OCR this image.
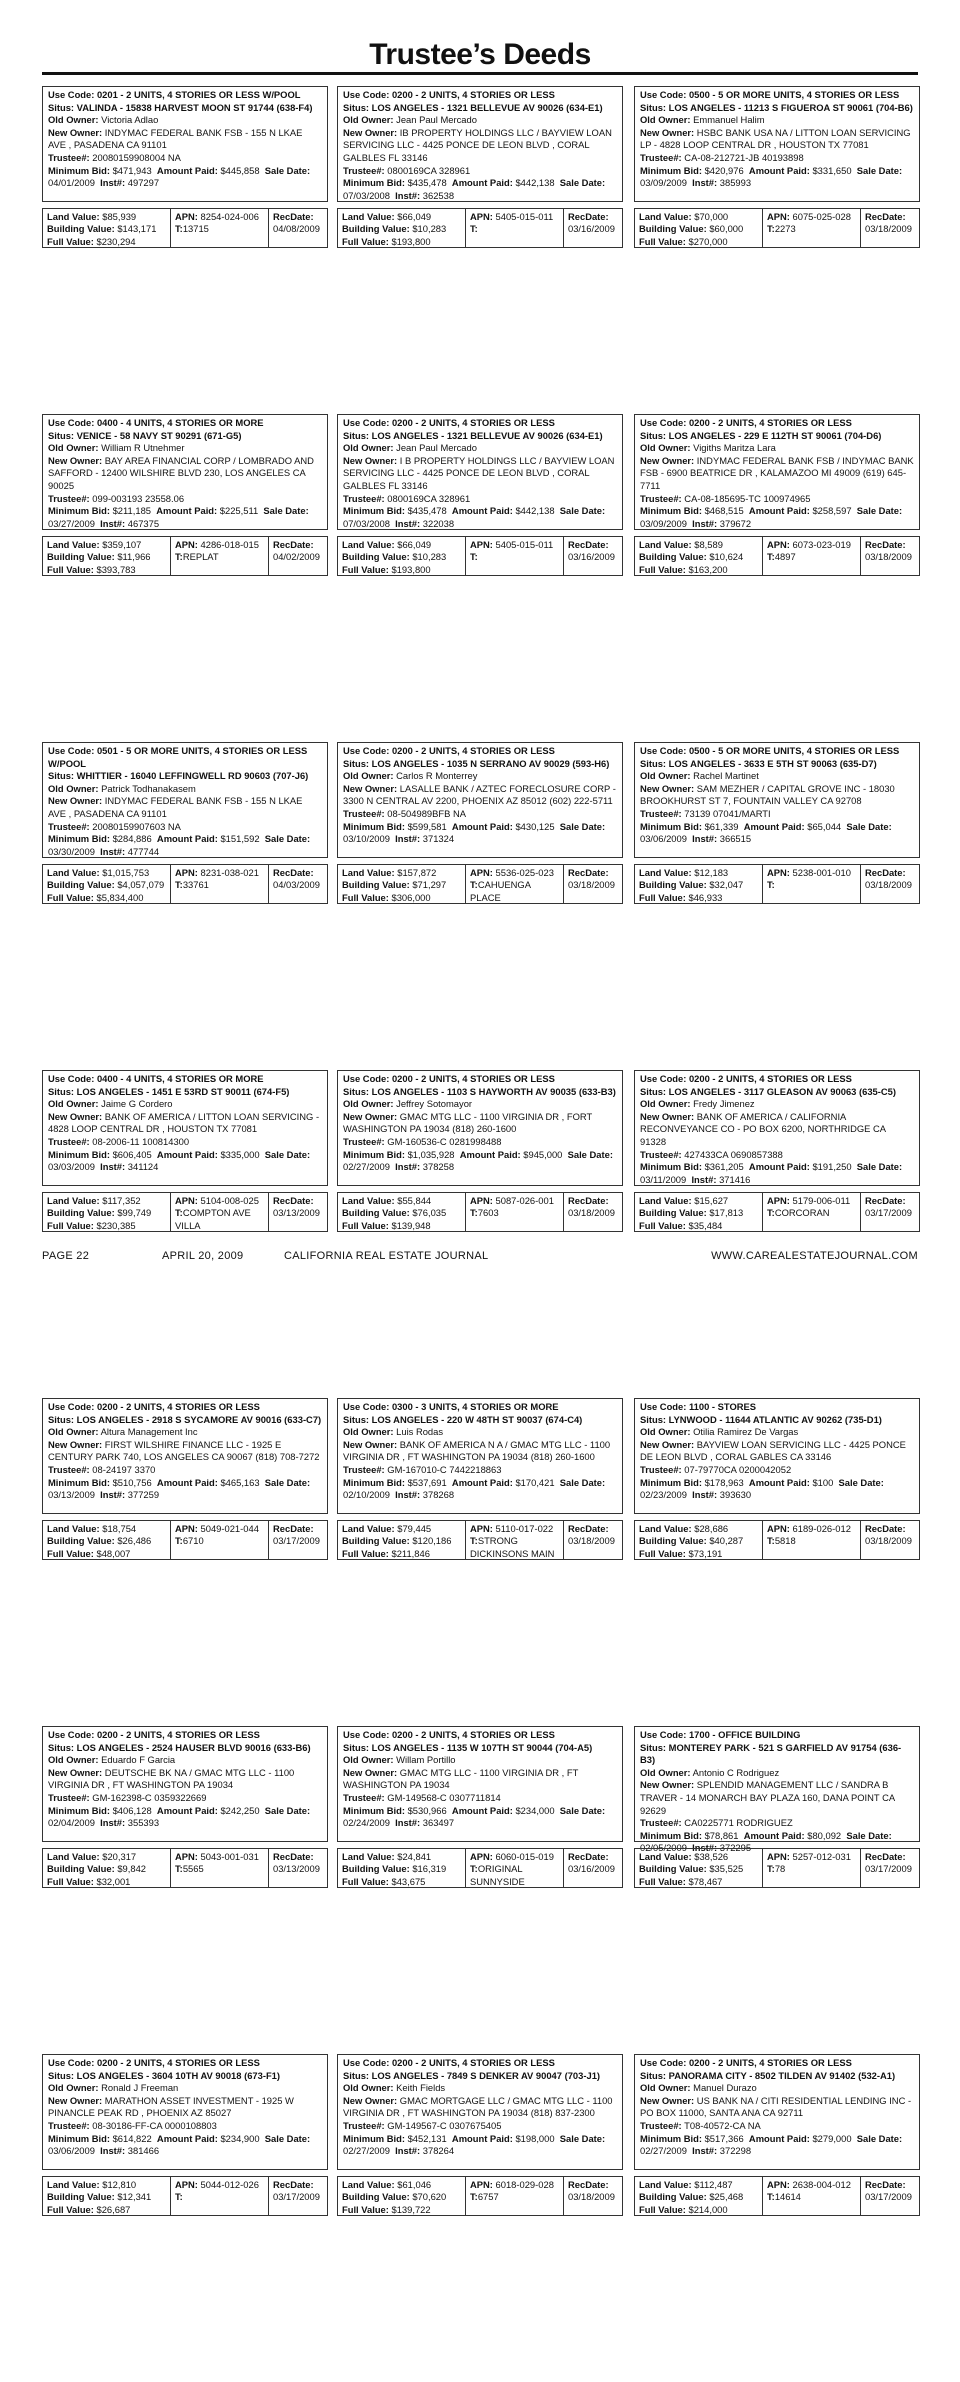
Trustee’s Deeds
Use Code: 0201 - 2 UNITS, 4 STORIES OR LESS W/POOL
Situs: VALINDA - 15838 HARVEST MOON ST 91744 (638-F4)
Old Owner: Victoria Adlao
New Owner: INDYMAC FEDERAL BANK FSB - 155 N LKAE AVE , PASADENA CA 91101
Trustee#: 20080159908004 NA
Minimum Bid: $471,943 Amount Paid: $445,858 Sale Date: 04/01/2009 Inst#: 497297
Land Value: $85,939
Building Value: $143,171
Full Value: $230,294
APN: 8254-024-006
T:13715
RecDate:
04/08/2009
Use Code: 0400 - 4 UNITS, 4 STORIES OR MORE
Situs: VENICE - 58 NAVY ST 90291 (671-G5)
Old Owner: William R Utnehmer
New Owner: BAY AREA FINANCIAL CORP / LOMBRADO AND SAFFORD - 12400 WILSHIRE BLVD 230, LOS ANGELES CA 90025
Trustee#: 099-003193 23558.06
Minimum Bid: $211,185 Amount Paid: $225,511 Sale Date: 03/27/2009 Inst#: 467375
Land Value: $359,107
Building Value: $11,966
Full Value: $393,783
APN: 4286-018-015
T:REPLAT
RecDate:
04/02/2009
Use Code: 0501 - 5 OR MORE UNITS, 4 STORIES OR LESS W/POOL
Situs: WHITTIER - 16040 LEFFINGWELL RD 90603 (707-J6)
Old Owner: Patrick Todhanakasem
New Owner: INDYMAC FEDERAL BANK FSB - 155 N LKAE AVE , PASADENA CA 91101
Trustee#: 20080159907603 NA
Minimum Bid: $284,886 Amount Paid: $151,592 Sale Date: 03/30/2009 Inst#: 477744
Land Value: $1,015,753
Building Value: $4,057,079
Full Value: $5,834,400
APN: 8231-038-021
T:33761
RecDate:
04/03/2009
Use Code: 0400 - 4 UNITS, 4 STORIES OR MORE
Situs: LOS ANGELES - 1451 E 53RD ST 90011 (674-F5)
Old Owner: Jaime G Cordero
New Owner: BANK OF AMERICA / LITTON LOAN SERVICING - 4828 LOOP CENTRAL DR , HOUSTON TX 77081
Trustee#: 08-2006-11 100814300
Minimum Bid: $606,405 Amount Paid: $335,000 Sale Date: 03/03/2009 Inst#: 341124
Land Value: $117,352
Building Value: $99,749
Full Value: $230,385
APN: 5104-008-025
T:COMPTON AVE VILLA
RecDate:
03/13/2009
Use Code: 0200 - 2 UNITS, 4 STORIES OR LESS
Situs: LOS ANGELES - 2918 S SYCAMORE AV 90016 (633-C7)
Old Owner: Altura Management Inc
New Owner: FIRST WILSHIRE FINANCE LLC - 1925 E CENTURY PARK 740, LOS ANGELES CA 90067 (818) 708-7272
Trustee#: 08-24197 3370
Minimum Bid: $510,756 Amount Paid: $465,163 Sale Date: 03/13/2009 Inst#: 377259
Land Value: $18,754
Building Value: $26,486
Full Value: $48,007
APN: 5049-021-044
T:6710
RecDate:
03/17/2009
Use Code: 0200 - 2 UNITS, 4 STORIES OR LESS
Situs: LOS ANGELES - 2524 HAUSER BLVD 90016 (633-B6)
Old Owner: Eduardo F Garcia
New Owner: DEUTSCHE BK NA / GMAC MTG LLC - 1100 VIRGINIA DR , FT WASHINGTON PA 19034
Trustee#: GM-162398-C 0359322669
Minimum Bid: $406,128 Amount Paid: $242,250 Sale Date: 02/04/2009 Inst#: 355393
Land Value: $20,317
Building Value: $9,842
Full Value: $32,001
APN: 5043-001-031
T:5565
RecDate:
03/13/2009
Use Code: 0200 - 2 UNITS, 4 STORIES OR LESS
Situs: LOS ANGELES - 3604 10TH AV 90018 (673-F1)
Old Owner: Ronald J Freeman
New Owner: MARATHON ASSET INVESTMENT - 1925 W PINANCLE PEAK RD , PHOENIX AZ 85027
Trustee#: 08-30186-FF-CA 0000108803
Minimum Bid: $614,822 Amount Paid: $234,900 Sale Date: 03/06/2009 Inst#: 381466
Land Value: $12,810
Building Value: $12,341
Full Value: $26,687
APN: 5044-012-026
T:
RecDate:
03/17/2009
Use Code: 0200 - 2 UNITS, 4 STORIES OR LESS
Situs: LOS ANGELES - 1321 BELLEVUE AV 90026 (634-E1)
Old Owner: Jean Paul Mercado
New Owner: IB PROPERTY HOLDINGS LLC / BAYVIEW LOAN SERVICING LLC - 4425 PONCE DE LEON BLVD , CORAL GALBLES FL 33146
Trustee#: 0800169CA 328961
Minimum Bid: $435,478 Amount Paid: $442,138 Sale Date: 07/03/2008 Inst#: 362538
Land Value: $66,049
Building Value: $10,283
Full Value: $193,800
APN: 5405-015-011
T:
RecDate:
03/16/2009
Use Code: 0200 - 2 UNITS, 4 STORIES OR LESS
Situs: LOS ANGELES - 1321 BELLEVUE AV 90026 (634-E1)
Old Owner: Jean Paul Mercado
New Owner: I B PROPERTY HOLDINGS LLC / BAYVIEW LOAN SERVICING LLC - 4425 PONCE DE LEON BLVD , CORAL GALBLES FL 33146
Trustee#: 0800169CA 328961
Minimum Bid: $435,478 Amount Paid: $442,138 Sale Date: 07/03/2008 Inst#: 322038
Land Value: $66,049
Building Value: $10,283
Full Value: $193,800
APN: 5405-015-011
T:
RecDate:
03/16/2009
Use Code: 0200 - 2 UNITS, 4 STORIES OR LESS
Situs: LOS ANGELES - 1035 N SERRANO AV 90029 (593-H6)
Old Owner: Carlos R Monterrey
New Owner: LASALLE BANK / AZTEC FORECLOSURE CORP - 3300 N CENTRAL AV 2200, PHOENIX AZ 85012 (602) 222-5711
Trustee#: 08-504989BFB NA
Minimum Bid: $599,581 Amount Paid: $430,125 Sale Date: 03/10/2009 Inst#: 371324
Land Value: $157,872
Building Value: $71,297
Full Value: $306,000
APN: 5536-025-023
T:CAHUENGA PLACE
RecDate:
03/18/2009
Use Code: 0200 - 2 UNITS, 4 STORIES OR LESS
Situs: LOS ANGELES - 1103 S HAYWORTH AV 90035 (633-B3)
Old Owner: Jeffrey Sotomayor
New Owner: GMAC MTG LLC - 1100 VIRGINIA DR , FORT WASHINGTON PA 19034 (818) 260-1600
Trustee#: GM-160536-C 0281998488
Minimum Bid: $1,035,928 Amount Paid: $945,000 Sale Date: 02/27/2009 Inst#: 378258
Land Value: $55,844
Building Value: $76,035
Full Value: $139,948
APN: 5087-026-001
T:7603
RecDate:
03/18/2009
Use Code: 0300 - 3 UNITS, 4 STORIES OR MORE
Situs: LOS ANGELES - 220 W 48TH ST 90037 (674-C4)
Old Owner: Luis Rodas
New Owner: BANK OF AMERICA N A / GMAC MTG LLC - 1100 VIRGINIA DR , FT WASHINGTON PA 19034 (818) 260-1600
Trustee#: GM-167010-C 7442218863
Minimum Bid: $537,691 Amount Paid: $170,421 Sale Date: 02/10/2009 Inst#: 378268
Land Value: $79,445
Building Value: $120,186
Full Value: $211,846
APN: 5110-017-022
T:STRONG DICKINSONS MAIN
RecDate:
03/18/2009
Use Code: 0200 - 2 UNITS, 4 STORIES OR LESS
Situs: LOS ANGELES - 1135 W 107TH ST 90044 (704-A5)
Old Owner: Willam Portillo
New Owner: GMAC MTG LLC - 1100 VIRGINIA DR , FT WASHINGTON PA 19034
Trustee#: GM-149568-C 0307711814
Minimum Bid: $530,966 Amount Paid: $234,000 Sale Date: 02/24/2009 Inst#: 363497
Land Value: $24,841
Building Value: $16,319
Full Value: $43,675
APN: 6060-015-019
T:ORIGINAL SUNNYSIDE
RecDate:
03/16/2009
Use Code: 0200 - 2 UNITS, 4 STORIES OR LESS
Situs: LOS ANGELES - 7849 S DENKER AV 90047 (703-J1)
Old Owner: Keith Fields
New Owner: GMAC MORTGAGE LLC / GMAC MTG LLC - 1100 VIRGINIA DR , FT WASHINGTON PA 19034 (818) 837-2300
Trustee#: GM-149567-C 0307675405
Minimum Bid: $452,131 Amount Paid: $198,000 Sale Date: 02/27/2009 Inst#: 378264
Land Value: $61,046
Building Value: $70,620
Full Value: $139,722
APN: 6018-029-028
T:6757
RecDate:
03/18/2009
Use Code: 0500 - 5 OR MORE UNITS, 4 STORIES OR LESS
Situs: LOS ANGELES - 11213 S FIGUEROA ST 90061 (704-B6)
Old Owner: Emmanuel Halim
New Owner: HSBC BANK USA NA / LITTON LOAN SERVICING LP - 4828 LOOP CENTRAL DR , HOUSTON TX 77081
Trustee#: CA-08-212721-JB 40193898
Minimum Bid: $420,976 Amount Paid: $331,650 Sale Date: 03/09/2009 Inst#: 385993
Land Value: $70,000
Building Value: $60,000
Full Value: $270,000
APN: 6075-025-028
T:2273
RecDate:
03/18/2009
Use Code: 0200 - 2 UNITS, 4 STORIES OR LESS
Situs: LOS ANGELES - 229 E 112TH ST 90061 (704-D6)
Old Owner: Vigiths Maritza Lara
New Owner: INDYMAC FEDERAL BANK FSB / INDYMAC BANK FSB - 6900 BEATRICE DR , KALAMAZOO MI 49009 (619) 645-7711
Trustee#: CA-08-185695-TC 100974965
Minimum Bid: $468,515 Amount Paid: $258,597 Sale Date: 03/09/2009 Inst#: 379672
Land Value: $8,589
Building Value: $10,624
Full Value: $163,200
APN: 6073-023-019
T:4897
RecDate:
03/18/2009
Use Code: 0500 - 5 OR MORE UNITS, 4 STORIES OR LESS
Situs: LOS ANGELES - 3633 E 5TH ST 90063 (635-D7)
Old Owner: Rachel Martinet
New Owner: SAM MEZHER / CAPITAL GROVE INC - 18030 BROOKHURST ST 7, FOUNTAIN VALLEY CA 92708
Trustee#: 73139 07041/MARTI
Minimum Bid: $61,339 Amount Paid: $65,044 Sale Date: 03/06/2009 Inst#: 366515
Land Value: $12,183
Building Value: $32,047
Full Value: $46,933
APN: 5238-001-010
T:
RecDate:
03/18/2009
Use Code: 0200 - 2 UNITS, 4 STORIES OR LESS
Situs: LOS ANGELES - 3117 GLEASON AV 90063 (635-C5)
Old Owner: Fredy Jimenez
New Owner: BANK OF AMERICA / CALIFORNIA RECONVEYANCE CO - PO BOX 6200, NORTHRIDGE CA 91328
Trustee#: 427433CA 0690857388
Minimum Bid: $361,205 Amount Paid: $191,250 Sale Date: 03/11/2009 Inst#: 371416
Land Value: $15,627
Building Value: $17,813
Full Value: $35,484
APN: 5179-006-011
T:CORCORAN
RecDate:
03/17/2009
Use Code: 1100 - STORES
Situs: LYNWOOD - 11644 ATLANTIC AV 90262 (735-D1)
Old Owner: Otilia Ramirez De Vargas
New Owner: BAYVIEW LOAN SERVICING LLC - 4425 PONCE DE LEON BLVD , CORAL GABLES CA 33146
Trustee#: 07-79770CA 0200042052
Minimum Bid: $178,963 Amount Paid: $100 Sale Date: 02/23/2009 Inst#: 393630
Land Value: $28,686
Building Value: $40,287
Full Value: $73,191
APN: 6189-026-012
T:5818
RecDate:
03/18/2009
Use Code: 1700 - OFFICE BUILDING
Situs: MONTEREY PARK - 521 S GARFIELD AV 91754 (636-B3)
Old Owner: Antonio C Rodriguez
New Owner: SPLENDID MANAGEMENT LLC / SANDRA B TRAVER - 14 MONARCH BAY PLAZA 160, DANA POINT CA 92629
Trustee#: CA0225771 RODRIGUEZ
Minimum Bid: $78,861 Amount Paid: $80,092 Sale Date: 02/05/2009 Inst#: 372295
Land Value: $38,526
Building Value: $35,525
Full Value: $78,467
APN: 5257-012-031
T:78
RecDate:
03/17/2009
Use Code: 0200 - 2 UNITS, 4 STORIES OR LESS
Situs: PANORAMA CITY - 8502 TILDEN AV 91402 (532-A1)
Old Owner: Manuel Durazo
New Owner: US BANK NA / CITI RESIDENTIAL LENDING INC - PO BOX 11000, SANTA ANA CA 92711
Trustee#: T08-40572-CA NA
Minimum Bid: $517,366 Amount Paid: $279,000 Sale Date: 02/27/2009 Inst#: 372298
Land Value: $112,487
Building Value: $25,468
Full Value: $214,000
APN: 2638-004-012
T:14614
RecDate:
03/17/2009
PAGE 22	APRIL 20, 2009	CALIFORNIA REAL ESTATE JOURNAL	WWW.CAREALESTATEJOURNAL.COM
